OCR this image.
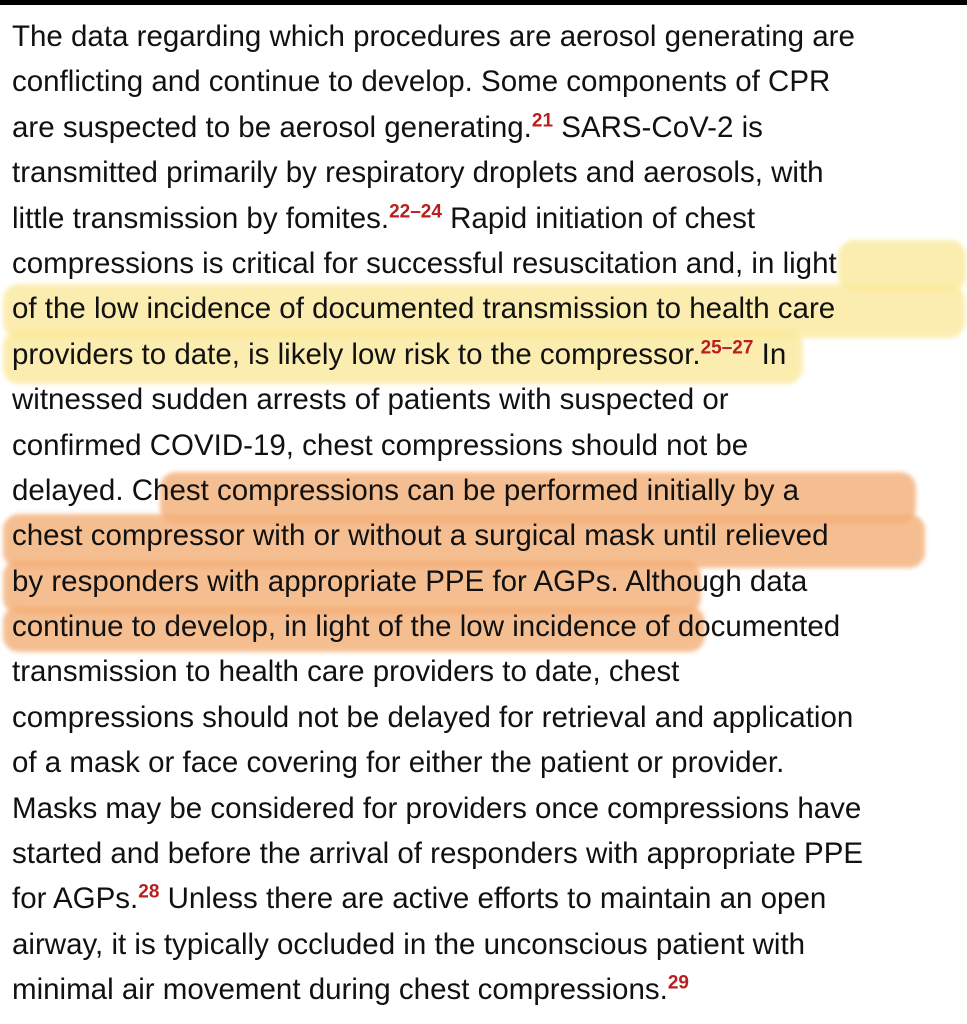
The data regarding which procedures are aerosol generating are
conflicting and continue to develop. Some components of CPR
are suspected to be aerosol generating.$^{21}$ SARS-CoV-2 is
transmitted primarily by respiratory droplets and aerosols, with
little transmission by fomites.$^{22-24}$ Rapid initiation of chest
compressions is critical for successful resuscitation and, in light
of the low incidence of documented transmission to health care
providers to date, is likely low risk to the compressor.$^{25-27}$ In
witnessed sudden arrests of patients with suspected or
confirmed COVID-19, chest compressions should not be
delayed. Chest compressions can be performed initially by a
chest compressor with or without a surgical mask until relieved
by responders with appropriate PPE for AGPs. Although data
continue to develop, in light of the low incidence of documented
transmission to health care providers to date, chest
compressions should not be delayed for retrieval and application
of a mask or face covering for either the patient or provider.
Masks may be considered for providers once compressions have
started and before the arrival of responders with appropriate PPE
for AGPs.$^{28}$ Unless there are active efforts to maintain an open
airway, it is typically occluded in the unconscious patient with
minimal air movement during chest compressions.$^{29}$
